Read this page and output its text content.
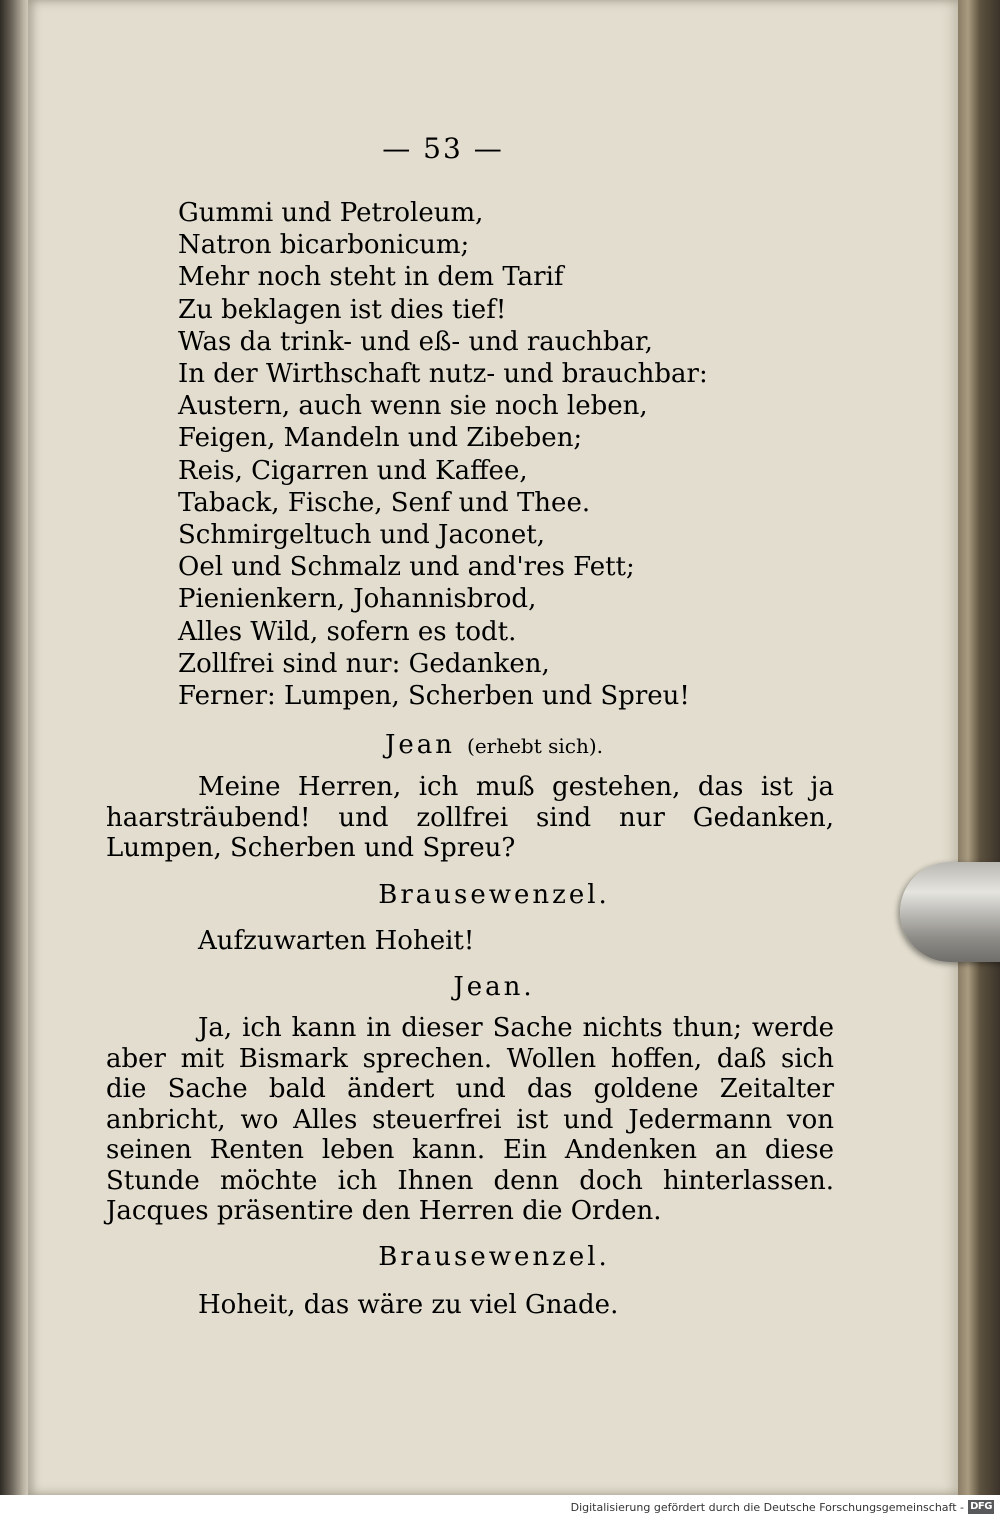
— 53 —
Gummi und Petroleum,
Natron bicarbonicum;
Mehr noch steht in dem Tarif
Zu beklagen ist dies tief!
Was da trink- und eß- und rauchbar,
In der Wirthschaft nutz- und brauchbar:
Austern, auch wenn sie noch leben,
Feigen, Mandeln und Zibeben;
Reis, Cigarren und Kaffee,
Taback, Fische, Senf und Thee.
Schmirgeltuch und Jaconet,
Oel und Schmalz und and'res Fett;
Pienienkern, Johannisbrod,
Alles Wild, sofern es todt.
Zollfrei sind nur: Gedanken,
Ferner: Lumpen, Scherben und Spreu!
Jean (erhebt sich).

Meine Herren, ich muß gestehen, das ist ja haarsträubend! und zollfrei sind nur Gedanken, Lumpen, Scherben und Spreu?

Brausewenzel.
Aufzuwarten Hoheit!
Jean.

Ja, ich kann in dieser Sache nichts thun; werde aber mit Bismark sprechen. Wollen hoffen, daß sich die Sache bald ändert und das goldene Zeitalter anbricht, wo Alles steuerfrei ist und Jedermann von seinen Renten leben kann. Ein Andenken an diese Stunde möchte ich Ihnen denn doch hinterlassen. Jacques präsentire den Herren die Orden.

Brausewenzel.
Hoheit, das wäre zu viel Gnade.
Digitalisierung gefördert durch die Deutsche Forschungsgemeinschaft - DFG
